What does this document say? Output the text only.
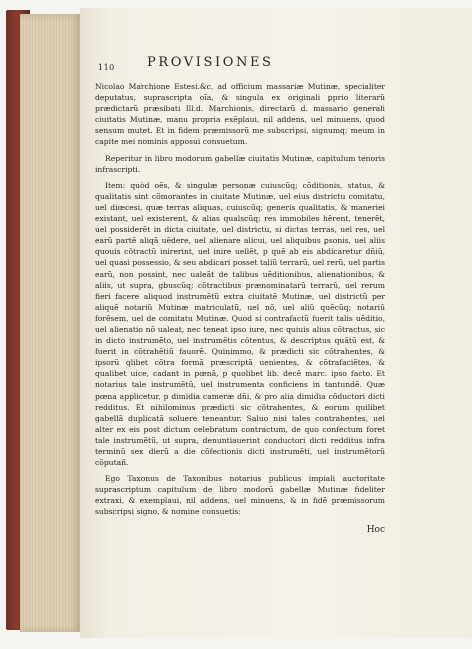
110 PROVISIONES

Nicolao Marchione Estesi.&c. ad officium massariæ Mutinæ, specialiter deputatus, suprascripta oĩa, & singula ex originali ꝑprio literarũ prædictarũ præsibati Ill.d. Marchionis, directarũ d. massario generali ciuitatis Mutinæ, manu propria exẽplaui, nil addens, uel minuens, quod sensum mutet. Et in fidem præmissorũ me subscripsi, signumq; meum in capite mei nominis apposui consuetum.

Reperitur in libro modorum gabellæ ciuitatis Mutinæ, capitulum tenoris infrascripti.

Item: quòd oẽs, & singulæ personæ cuiuscũq; cõditionis, status, & qualitatis sint cõmorantes in ciuitate Mutinæ, uel eius districtu comitatu, uel diœcesi, quæ terras aliquas, cuiuscũq; generis qualitatis, & maneriei existant, uel existerent, & alias qualscũq; res immobiles hẽrent, tenerẽt, uel possiderẽt in dicta ciuitate, uel districtu, si dictas terras, uel res, uel earũ partẽ aliqã uẽdere, uel alienare alicui, uel aliquibus ꝑsonis, uel aliis quouis cõtractũ inirerint, uel inire uellẽt, p quẽ ab eis abdicaretur dñiũ, uel quasi possessio, & seu abdicari posset taliũ terrarũ, uel rerũ, uel partis earũ, non possint, nec ualeãt de talibus uẽditionibus, alienationibus, & aliis, ut supra, gbuscũq; cõtractibus prænominatarũ terrarũ, uel rerum fieri facere aliquod instrumẽtũ extra ciuitatẽ Mutinæ, uel districtũ per aliquẽ notariũ Mutinæ matriculatũ, uel nõ, uel aliũ quẽcũq; notariũ forẽsem, uel de comitatu Mutinæ. Quod si contrafactũ fuerit talis uẽditio, uel alienatio nõ ualeat, nec teneat ipso iure, nec quiuis alius cõtractus, sic in dicto instrumẽto, uel instrumẽtis cõtentus, & descriptus quãtũ est, & fuerit in cõtrahẽtiũ fauorẽ. Quinimmo, & prædicti sic cõtrahentes, & ipsorũ qlibet cõtra formã præscriptã uenientes, & cõtrafaciẽtes, & qualibet uice, cadant in pœnã, p quolibet lib. decẽ marc. ipso facto. Et notarius tale instrumẽtũ, uel instrumenta conficiens in tantundẽ. Quæ pœna applicetur, p dimidia cameræ dñi, & pro alia dimidia cõductori dicti redditus. Et nihilominus prædicti sic cõtrahentes, & eorum quilibet gabellã duplicatã soluere teneantur. Saluo nisi tales contrahentes, uel alter ex eis post dictum celebratum contractum, de quo confectum foret tale instrumẽtũ, ut supra, denuntiauerint conductori dicti redditus infra terminũ sex dierũ a die cõfectionis dicti instrumẽti, uel instrumẽtorũ cõputañ.

Ego Taxonus de Taxonibus notarius publicus impiali auctoritate suprascriptum capitulum de libro modorũ gabellæ Mutinæ fideliter extraxi, & exemplaui, nil addens, uel minuens, & in fidẽ præmissorum subscripsi signo, & nomine consuetis:

Hoc
